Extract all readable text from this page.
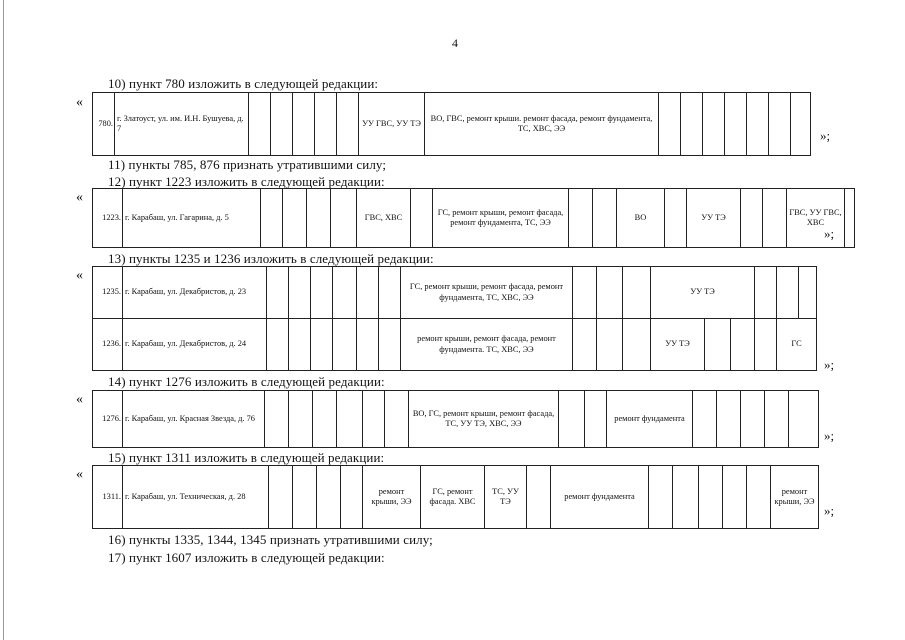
4
10) пункт 780 изложить в следующей редакции:
«
780.	г. Златоуст, ул. им. И.Н. Бушуева, д. 7						УУ ГВС, УУ ТЭ	ВО, ГВС, ремонт крыши. ремонт фасада, ремонт фундамента, ТС, ХВС, ЭЭ								»;
11) пункты 785, 876 признать утратившими силу;
12) пункт 1223 изложить в следующей редакции:
«
1223.	г. Карабаш, ул. Гагарина, д. 5					ГВС, ХВС		ГС, ремонт крыши, ремонт фасада, ремонт фундамента, ТС, ЭЭ			ВО		УУ ТЭ			ГВС, УУ ГВС, ХВС	
»;
13) пункты 1235 и 1236 изложить в следующей редакции:
«
1235.	г. Карабаш, ул. Декабристов, д. 23							ГС, ремонт крыши, ремонт фасада, ремонт фундамента, ТС, ХВС, ЭЭ				УУ ТЭ					
1236.	г. Карабаш, ул. Декабристов, д. 24							ремонт крыши, ремонт фасада, ремонт фундамента. ТС, ХВС, ЭЭ				УУ ТЭ				ГС	
»;
14) пункт 1276 изложить в следующей редакции:
«
1276.	г. Карабаш, ул. Красная Звезда, д. 76							ВО, ГС, ремонт крыши, ремонт фасада, ТС, УУ ТЭ, ХВС, ЭЭ			ремонт фундамента					
»;
15) пункт 1311 изложить в следующей редакции:
«
1311.	г. Карабаш, ул. Техническая, д. 28					ремонт крыши, ЭЭ	ГС, ремонт фасада. ХВС	ТС, УУ ТЭ		ремонт фундамента						ремонт крыши, ЭЭ
»;
16) пункты 1335, 1344, 1345 признать утратившими силу;
17) пункт 1607 изложить в следующей редакции:
